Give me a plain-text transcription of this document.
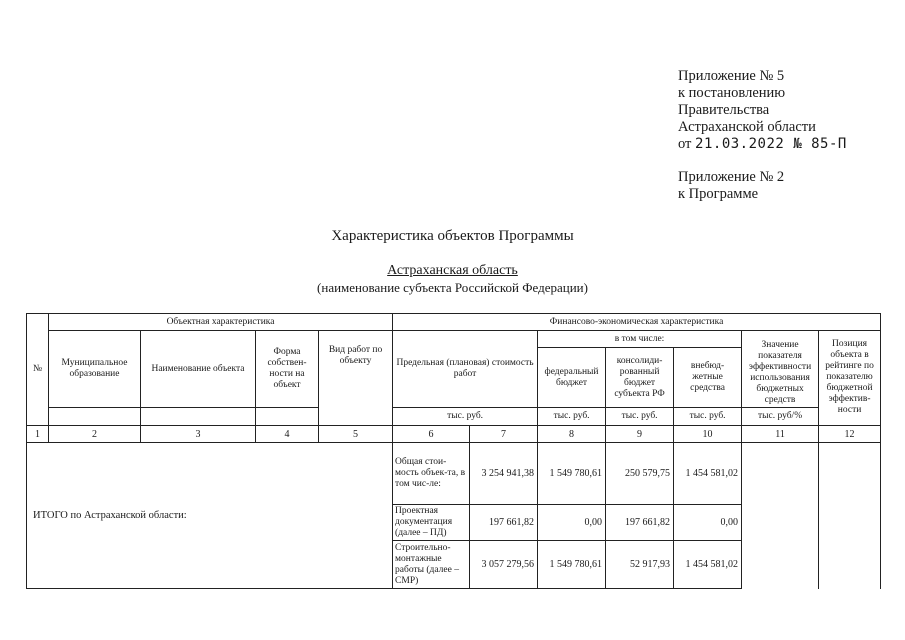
Приложение № 5
к постановлению
Правительства
Астраханской области
от 21.03.2022 № 85-П
Приложение № 2
к Программе
Характеристика объектов Программы
Астраханская область
(наименование субъекта Российской Федерации)
№	Объектная характеристика				Финансово-экономическая характеристика						
	Муниципальное образование	Наименование объекта	Форма собствен-ности на объект	Вид работ по объекту	Предельная (плановая) стоимость работ		в том числе:			Значение показателя эффективности использования бюджетных средств	Позиция объекта в рейтинге по показателю бюджетной эффектив-ности
							федеральный бюджет	консолиди-рованный бюджет субъекта РФ	внебюд-жетные средства		
					тыс. руб.		тыс. руб.	тыс. руб.	тыс. руб.	тыс. руб/%	
1	2	3	4	5	6	7	8	9	10	11	12
ИТОГО по Астраханской области:					Общая стои-мость объек-та, в том чис-ле:	3 254 941,38	1 549 780,61	250 579,75	1 454 581,02		
					Проектная документация (далее – ПД)	197 661,82	0,00	197 661,82	0,00		
					Строительно-монтажные работы (далее – СМР)	3 057 279,56	1 549 780,61	52 917,93	1 454 581,02		
